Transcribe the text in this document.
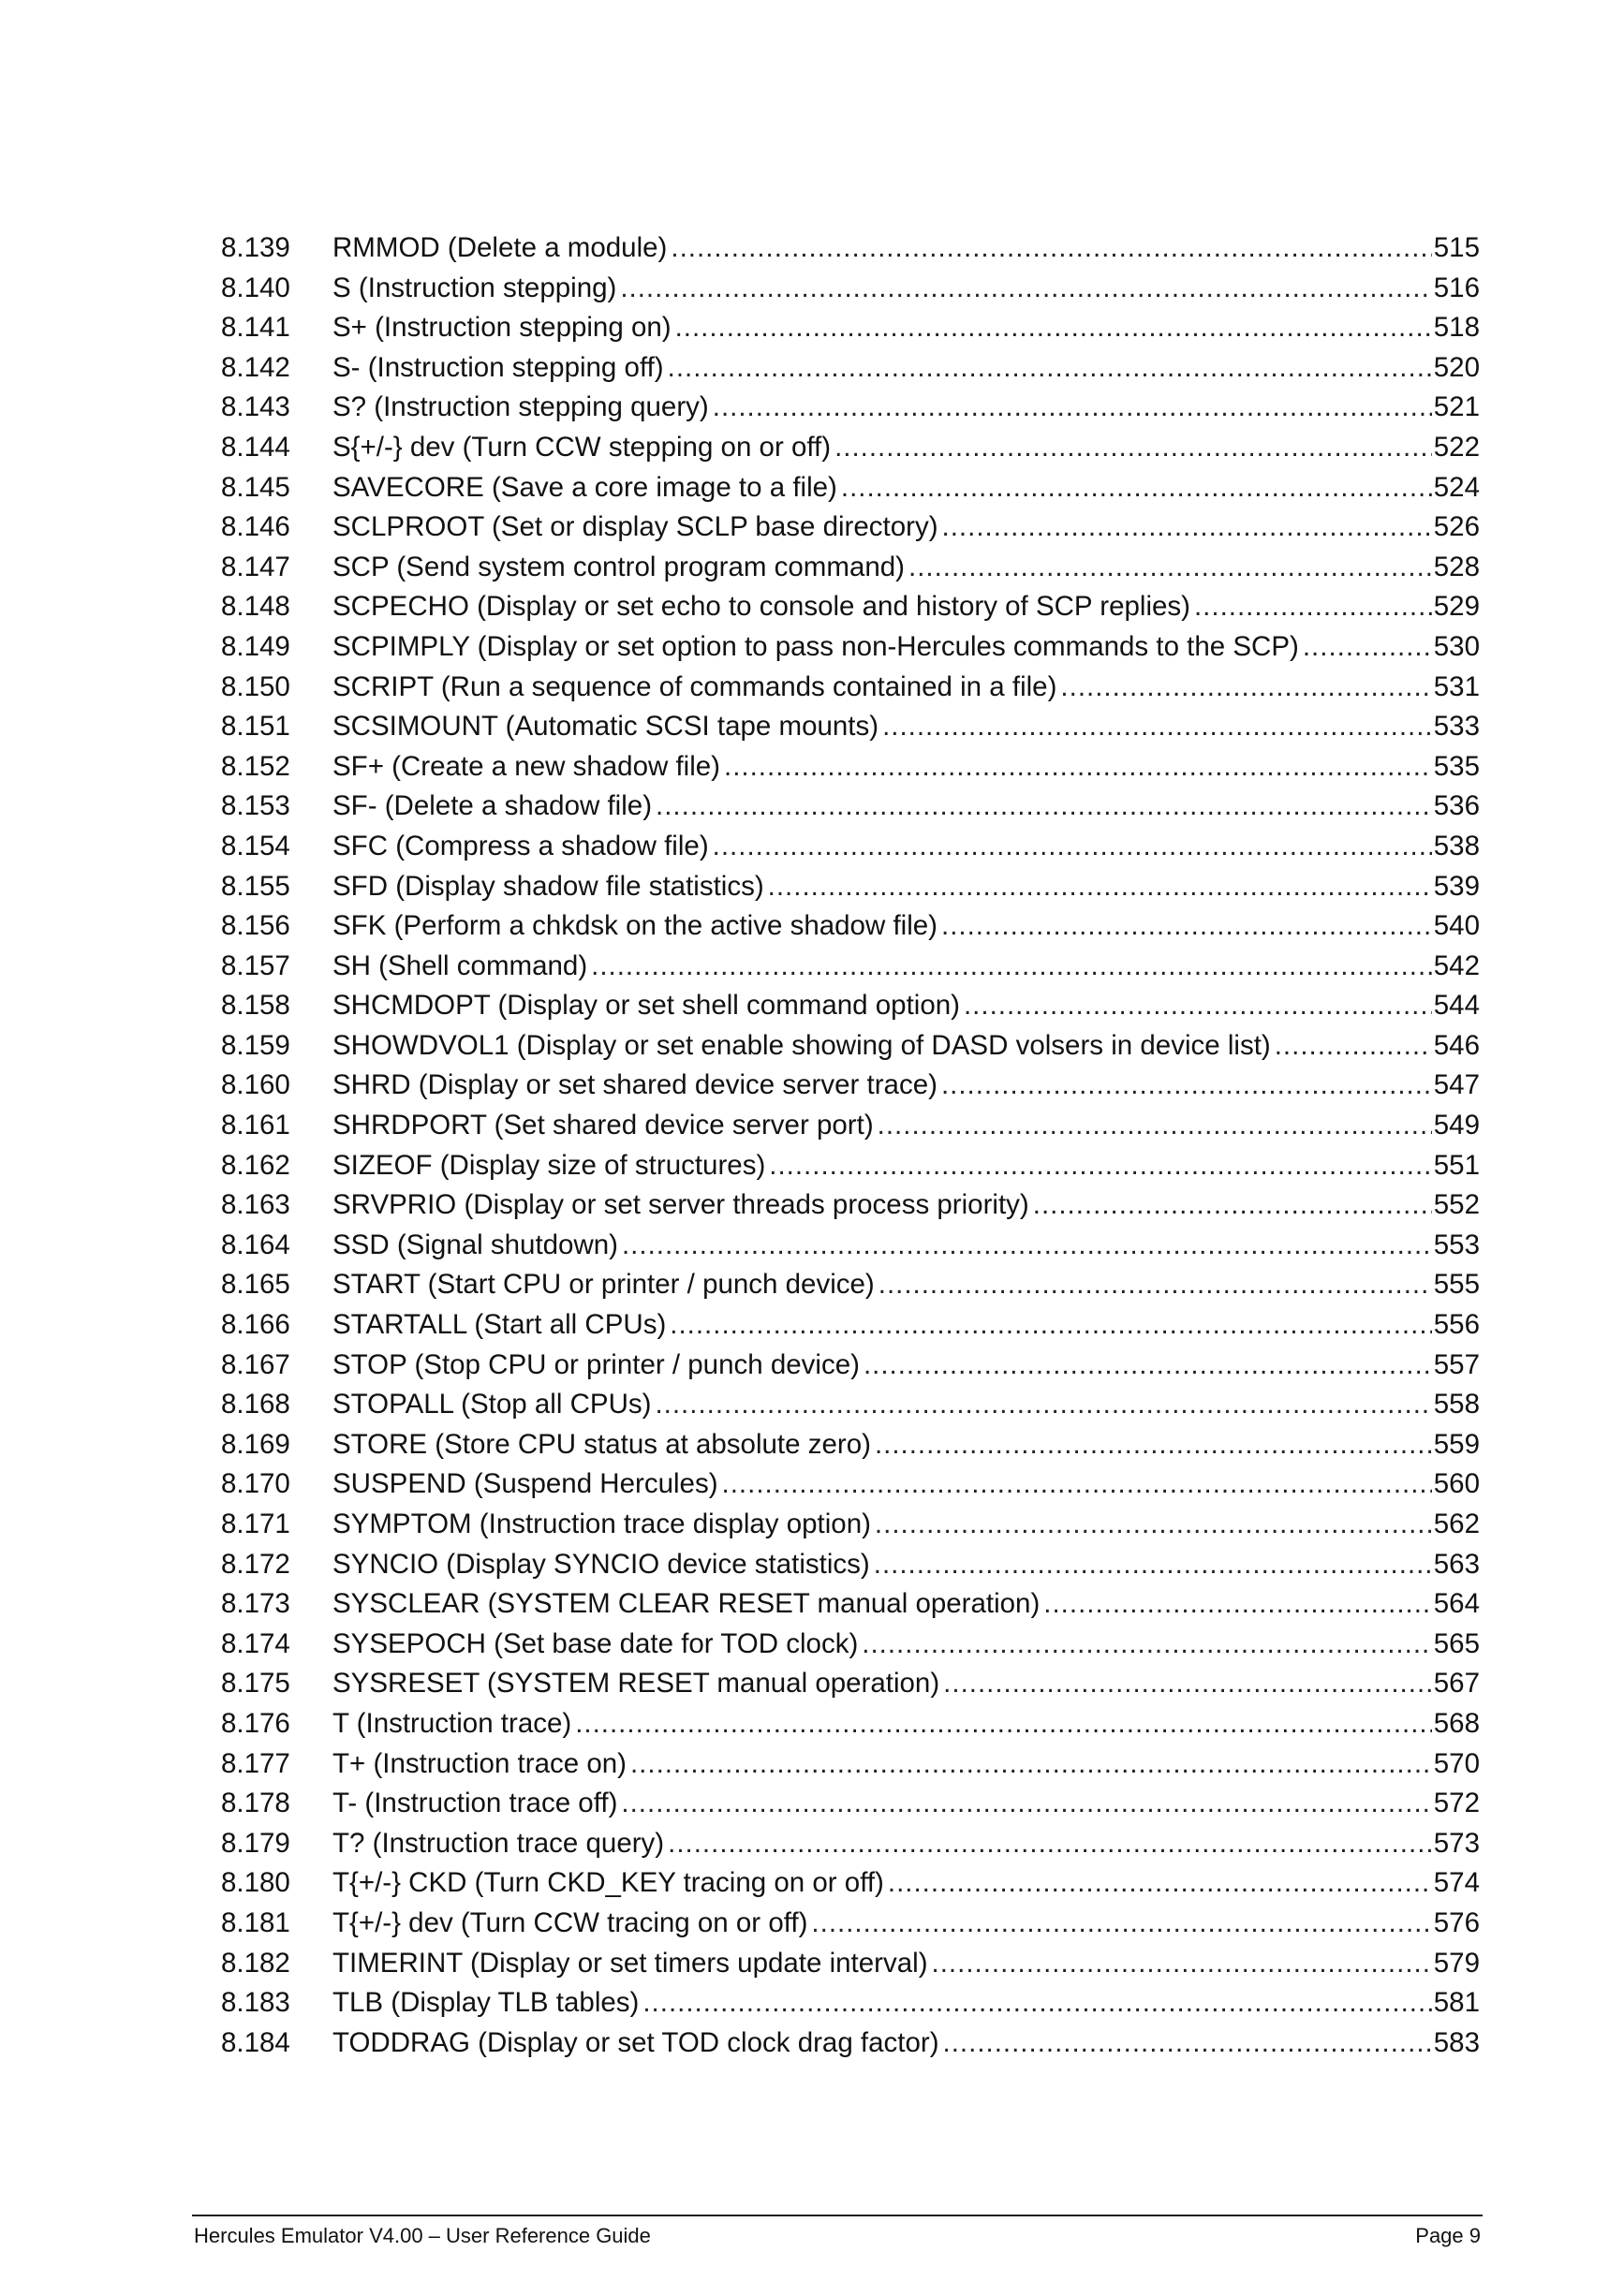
8.139	RMMOD (Delete a module) .....	515
8.140	S (Instruction stepping) .....	516
8.141	S+ (Instruction stepping on) .....	518
8.142	S- (Instruction stepping off) .....	520
8.143	S? (Instruction stepping query) .....	521
8.144	S{+/-} dev (Turn CCW stepping on or off) .....	522
8.145	SAVECORE (Save a core image to a file) .....	524
8.146	SCLPROOT (Set or display SCLP base directory) .....	526
8.147	SCP (Send system control program command) .....	528
8.148	SCPECHO (Display or set echo to console and history of SCP replies) .....	529
8.149	SCPIMPLY (Display or set option to pass non-Hercules commands to the SCP) .....	530
8.150	SCRIPT (Run a sequence of commands contained in a file) .....	531
8.151	SCSIMOUNT (Automatic SCSI tape mounts) .....	533
8.152	SF+ (Create a new shadow file) .....	535
8.153	SF- (Delete a shadow file) .....	536
8.154	SFC (Compress a shadow file) .....	538
8.155	SFD (Display shadow file statistics) .....	539
8.156	SFK (Perform a chkdsk on the active shadow file) .....	540
8.157	SH (Shell command) .....	542
8.158	SHCMDOPT (Display or set shell command option) .....	544
8.159	SHOWDVOL1 (Display or set enable showing of DASD volsers in device list) .....	546
8.160	SHRD (Display or set shared device server trace) .....	547
8.161	SHRDPORT (Set shared device server port) .....	549
8.162	SIZEOF (Display size of structures) .....	551
8.163	SRVPRIO (Display or set server threads process priority) .....	552
8.164	SSD (Signal shutdown) .....	553
8.165	START (Start CPU or printer / punch device) .....	555
8.166	STARTALL (Start all CPUs) .....	556
8.167	STOP (Stop CPU or printer / punch device) .....	557
8.168	STOPALL (Stop all CPUs) .....	558
8.169	STORE (Store CPU status at absolute zero) .....	559
8.170	SUSPEND (Suspend Hercules) .....	560
8.171	SYMPTOM (Instruction trace display option) .....	562
8.172	SYNCIO (Display SYNCIO device statistics) .....	563
8.173	SYSCLEAR (SYSTEM CLEAR RESET manual operation) .....	564
8.174	SYSEPOCH (Set base date for TOD clock) .....	565
8.175	SYSRESET (SYSTEM RESET manual operation) .....	567
8.176	T (Instruction trace) .....	568
8.177	T+ (Instruction trace on) .....	570
8.178	T- (Instruction trace off) .....	572
8.179	T? (Instruction trace query) .....	573
8.180	T{+/-} CKD (Turn CKD_KEY tracing on or off) .....	574
8.181	T{+/-} dev (Turn CCW tracing on or off) .....	576
8.182	TIMERINT (Display or set timers update interval) .....	579
8.183	TLB (Display TLB tables) .....	581
8.184	TODDRAG (Display or set TOD clock drag factor) .....	583
Hercules Emulator V4.00 – User Reference Guide	Page 9
